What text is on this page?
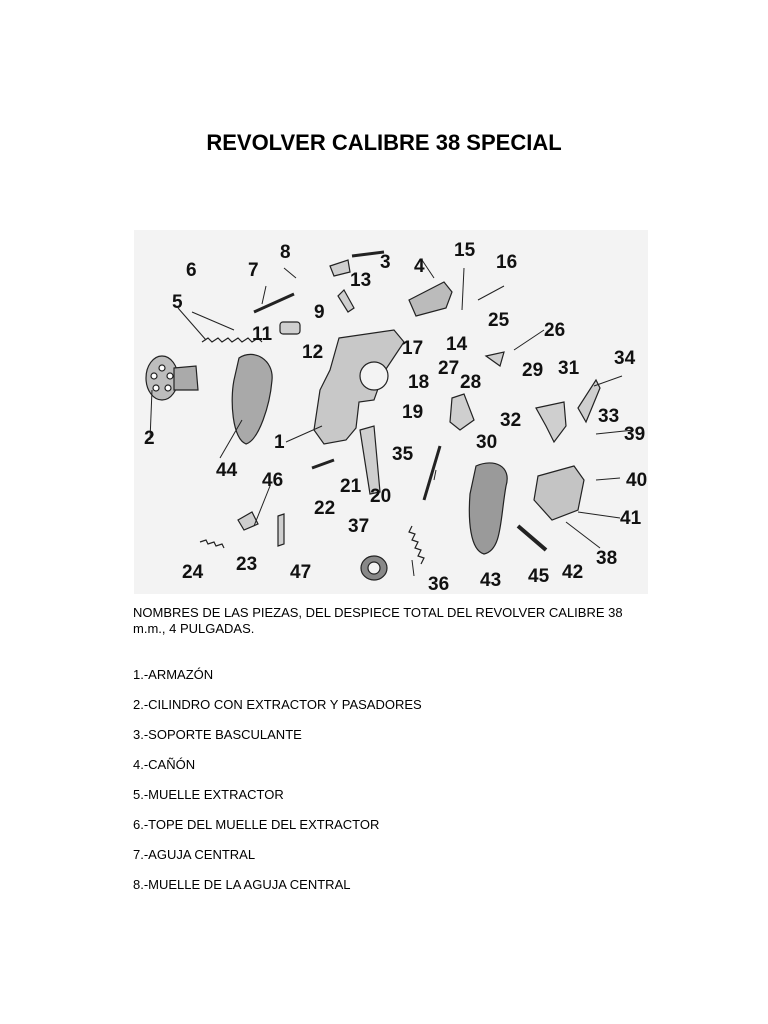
REVOLVER CALIBRE 38 SPECIAL
1
2
3 4
5
6	7
8
9
11
12
13
14
15
16
17
18
19
20
21
22
23
24
25 26
27
28
29
30
31
32	33
34
35
36
37
38
39
40
41
42
43
44
45
46
47

NOMBRES DE LAS PIEZAS, DEL DESPIECE TOTAL DEL REVOLVER CALIBRE 38 m.m., 4 PULGADAS.

1.-ARMAZÓN
2.-CILINDRO CON EXTRACTOR Y PASADORES
3.-SOPORTE BASCULANTE
4.-CAÑÓN
5.-MUELLE EXTRACTOR
6.-TOPE DEL MUELLE DEL EXTRACTOR
7.-AGUJA CENTRAL
8.-MUELLE DE LA AGUJA CENTRAL
